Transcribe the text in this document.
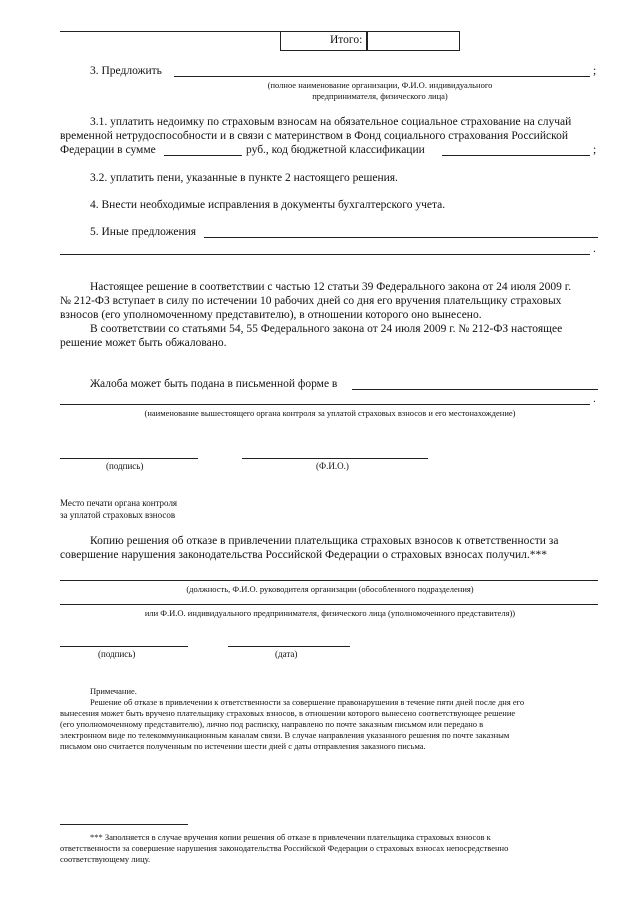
Итого:
3. Предложить	;
(полное наименование организации, Ф.И.О. индивидуального предпринимателя, физического лица)
3.1. уплатить недоимку по страховым взносам на обязательное социальное страхование на случай
временной нетрудоспособности и в связи с материнством в Фонд социального страхования Российской
Федерации в сумме	руб., код бюджетной классификации	;
3.2. уплатить пени, указанные в пункте 2 настоящего решения.
4. Внести необходимые исправления в документы бухгалтерского учета.
5. Иные предложения
.
Настоящее решение в соответствии с частью 12 статьи 39 Федерального закона от 24 июля 2009 г.
№ 212-ФЗ вступает в силу по истечении 10 рабочих дней со дня его вручения плательщику страховых
взносов (его уполномоченному представителю), в отношении которого оно вынесено.
В соответствии со статьями 54, 55 Федерального закона от 24 июля 2009 г. № 212-ФЗ настоящее
решение может быть обжаловано.
Жалоба может быть подана в письменной форме в
.
(наименование вышестоящего органа контроля за уплатой страховых взносов и его местонахождение)
(подпись)	(Ф.И.О.)
Место печати органа контроля
за уплатой страховых взносов
Копию решения об отказе в привлечении плательщика страховых взносов к ответственности за
совершение нарушения законодательства Российской Федерации о страховых взносах получил.***
(должность, Ф.И.О. руководителя организации (обособленного подразделения)
или Ф.И.О. индивидуального предпринимателя, физического лица (уполномоченного представителя))
(подпись)	(дата)
Примечание.
Решение об отказе в привлечении к ответственности за совершение правонарушения в течение пяти дней после дня его
вынесения может быть вручено плательщику страховых взносов, в отношении которого вынесено соответствующее решение
(его уполномоченному представителю), лично под расписку, направлено по почте заказным письмом или передано в
электронном виде по телекоммуникационным каналам связи. В случае направления указанного решения по почте заказным
письмом оно считается полученным по истечении шести дней с даты отправления заказного письма.
*** Заполняется в случае вручения копии решения об отказе в привлечении плательщика страховых взносов к
ответственности за совершение нарушения законодательства Российской Федерации о страховых взносах непосредственно
соответствующему лицу.
